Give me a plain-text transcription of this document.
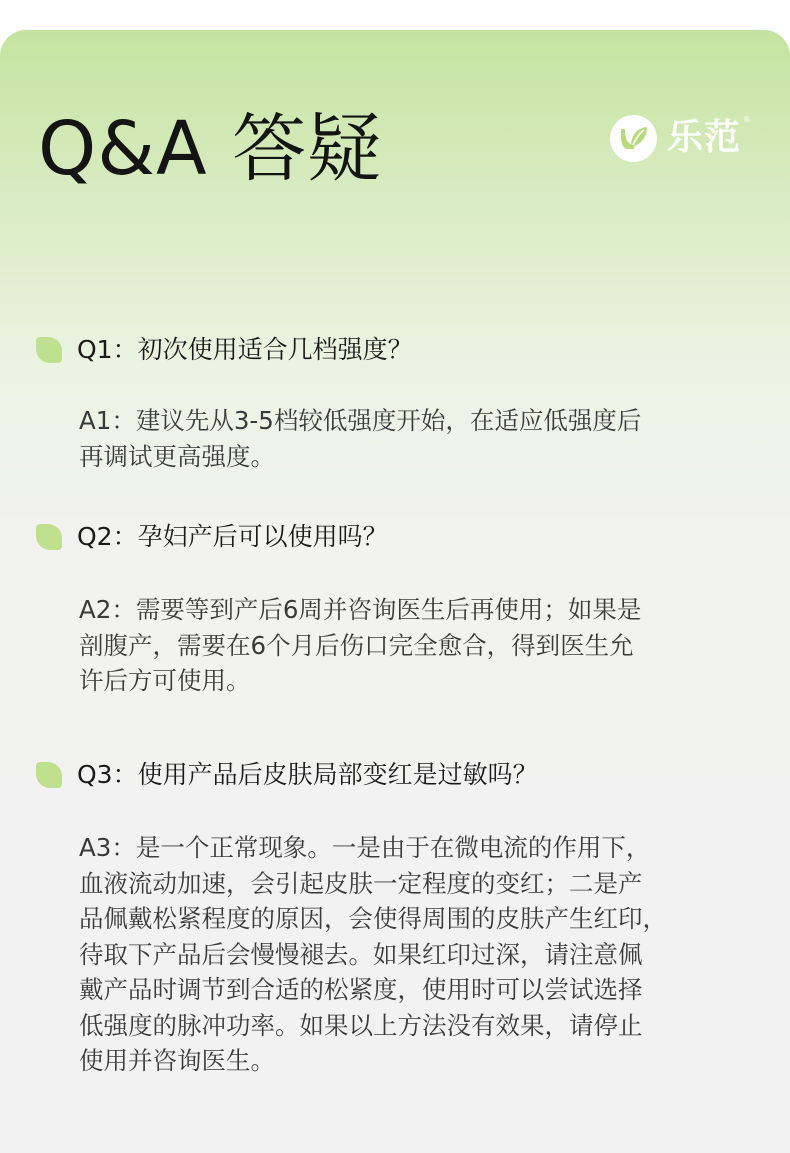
Q&A 答疑	乐范 ®
Q1：初次使用适合几档强度？
A1：建议先从3-5档较低强度开始，在适应低强度后
再调试更高强度。
Q2：孕妇产后可以使用吗？
A2：需要等到产后6周并咨询医生后再使用；如果是
剖腹产，需要在6个月后伤口完全愈合，得到医生允
许后方可使用。
Q3：使用产品后皮肤局部变红是过敏吗？
A3：是一个正常现象。一是由于在微电流的作用下，
血液流动加速，会引起皮肤一定程度的变红；二是产
品佩戴松紧程度的原因，会使得周围的皮肤产生红印，
待取下产品后会慢慢褪去。如果红印过深，请注意佩
戴产品时调节到合适的松紧度，使用时可以尝试选择
低强度的脉冲功率。如果以上方法没有效果，请停止
使用并咨询医生。
